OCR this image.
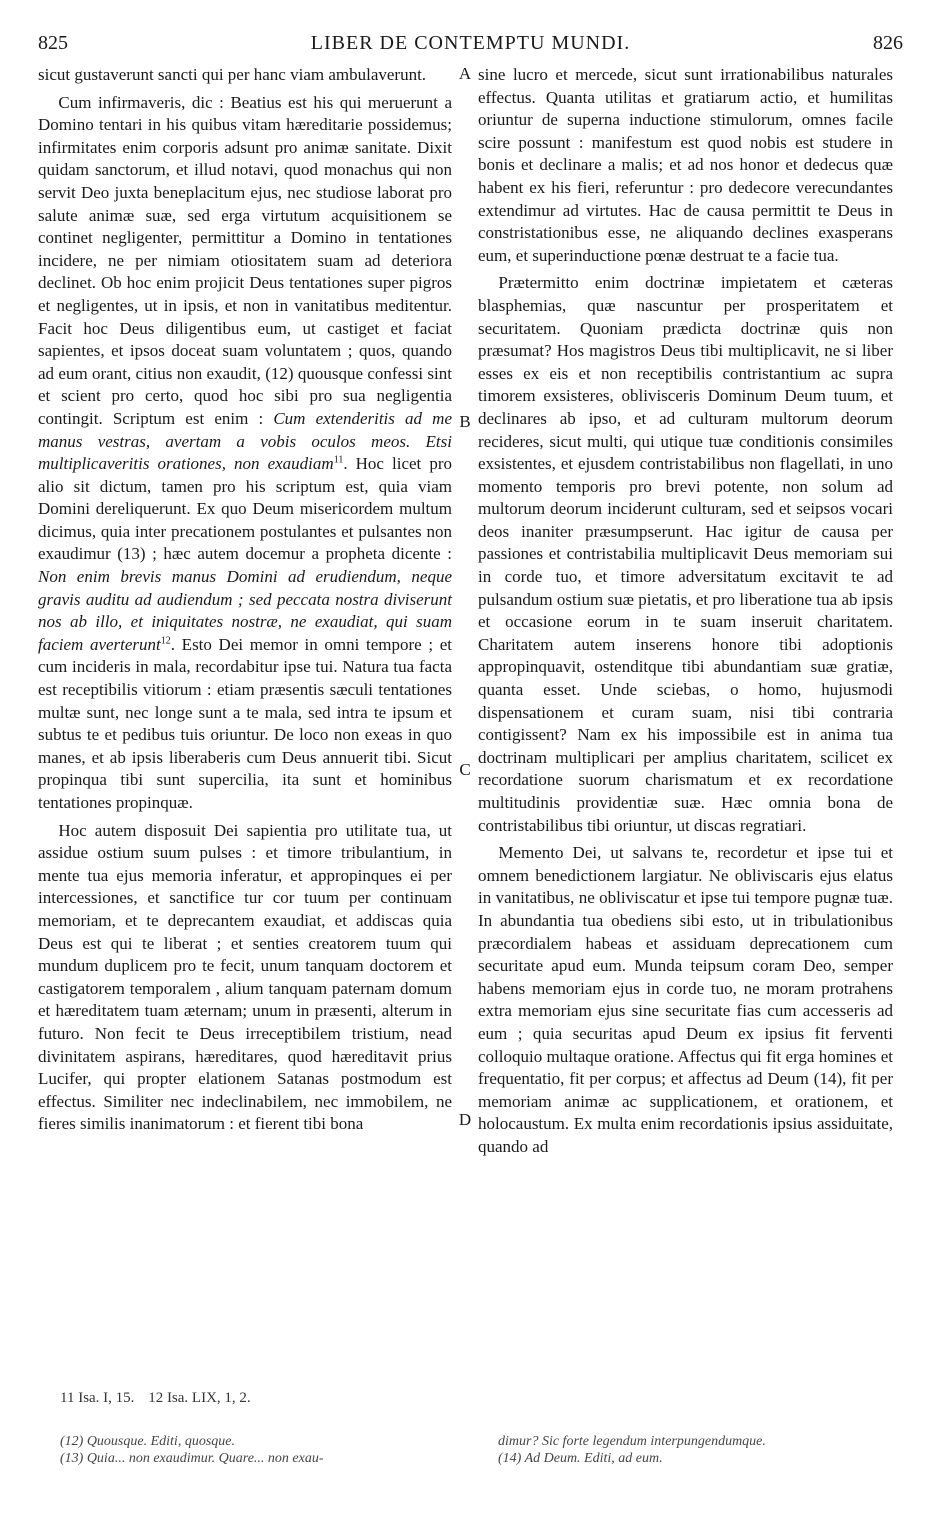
825	LIBER DE CONTEMPTU MUNDI.	826

sicut gustaverunt sancti qui per hanc viam ambulaverunt.

Cum infirmaveris, dic : Beatius est his qui meruerunt a Domino tentari in his quibus vitam hæreditarie possidemus; infirmitates enim corporis adsunt pro animæ sanitate. Dixit quidam sanctorum, et illud notavi, quod monachus qui non servit Deo juxta beneplacitum ejus, nec studiose laborat pro salute animæ suæ, sed erga virtutum acquisitionem se continet negligenter, permittitur a Domino in tentationes incidere, ne per nimiam otiositatem suam ad deteriora declinet. Ob hoc enim projicit Deus tentationes super pigros et negligentes, ut in ipsis, et non in vanitatibus meditentur. Facit hoc Deus diligentibus eum, ut castiget et faciat sapientes, et ipsos doceat suam voluntatem ; quos, quando ad eum orant, citius non exaudit, (12) quousque confessi sint et scient pro certo, quod hoc sibi pro sua negligentia contingit. Scriptum est enim : Cum extenderitis ad me manus vestras, avertam a vobis oculos meos. Etsi multiplicaveritis orationes, non exaudiam$^{11}$. Hoc licet pro alio sit dictum, tamen pro his scriptum est, quia viam Domini dereliquerunt. Ex quo Deum misericordem multum dicimus, quia inter precationem postulantes et pulsantes non exaudimur (13) ; hæc autem docemur a propheta dicente : Non enim brevis manus Domini ad erudiendum, neque gravis auditu ad audiendum ; sed peccata nostra diviserunt nos ab illo, et iniquitates nostræ, ne exaudiat, qui suam faciem averterunt$^{12}$. Esto Dei memor in omni tempore ; et cum incideris in mala, recordabitur ipse tui. Natura tua facta est receptibilis vitiorum : etiam præsentis sæculi tentationes multæ sunt, nec longe sunt a te mala, sed intra te ipsum et subtus te et pedibus tuis oriuntur. De loco non exeas in quo manes, et ab ipsis liberaberis cum Deus annuerit tibi. Sicut propinqua tibi sunt supercilia, ita sunt et hominibus tentationes propinquæ.

Hoc autem disposuit Dei sapientia pro utilitate tua, ut assidue ostium suum pulses : et timore tribulantium, in mente tua ejus memoria inferatur, et appropinques ei per intercessiones, et sanctifice tur cor tuum per continuam memoriam, et te deprecantem exaudiat, et addiscas quia Deus est qui te liberat ; et senties creatorem tuum qui mundum duplicem pro te fecit, unum tanquam doctorem et castigatorem temporalem , alium tanquam paternam domum et hæreditatem tuam æternam; unum in præsenti, alterum in futuro. Non fecit te Deus irreceptibilem tristium, nead divinitatem aspirans, hæreditares, quod hæreditavit prius Lucifer, qui propter elationem Satanas postmodum est effectus. Similiter nec indeclinabilem, nec immobilem, ne fieres similis inanimatorum : et fierent tibi bona

A
B
C
D

sine lucro et mercede, sicut sunt irrationabilibus naturales effectus. Quanta utilitas et gratiarum actio, et humilitas oriuntur de superna inductione stimulorum, omnes facile scire possunt : manifestum est quod nobis est studere in bonis et declinare a malis; et ad nos honor et dedecus quæ habent ex his fieri, referuntur : pro dedecore verecundantes extendimur ad virtutes. Hac de causa permittit te Deus in constristationibus esse, ne aliquando declines exasperans eum, et superinductione pœnæ destruat te a facie tua.

Prætermitto enim doctrinæ impietatem et cæteras blasphemias, quæ nascuntur per prosperitatem et securitatem. Quoniam prædicta doctrinæ quis non præsumat? Hos magistros Deus tibi multiplicavit, ne si liber esses ex eis et non receptibilis contristantium ac supra timorem exsisteres, oblivisceris Dominum Deum tuum, et declinares ab ipso, et ad culturam multorum deorum recideres, sicut multi, qui utique tuæ conditionis consimiles exsistentes, et ejusdem contristabilibus non flagellati, in uno momento temporis pro brevi potente, non solum ad multorum deorum inciderunt culturam, sed et seipsos vocari deos inaniter præsumpserunt. Hac igitur de causa per passiones et contristabilia multiplicavit Deus memoriam sui in corde tuo, et timore adversitatum excitavit te ad pulsandum ostium suæ pietatis, et pro liberatione tua ab ipsis et occasione eorum in te suam inseruit charitatem. Charitatem autem inserens honore tibi adoptionis appropinquavit, ostenditque tibi abundantiam suæ gratiæ, quanta esset. Unde sciebas, o homo, hujusmodi dispensationem et curam suam, nisi tibi contraria contigissent? Nam ex his impossibile est in anima tua doctrinam multiplicari per amplius charitatem, scilicet ex recordatione suorum charismatum et ex recordatione multitudinis providentiæ suæ. Hæc omnia bona de contristabilibus tibi oriuntur, ut discas regratiari.

Memento Dei, ut salvans te, recordetur et ipse tui et omnem benedictionem largiatur. Ne obliviscaris ejus elatus in vanitatibus, ne obliviscatur et ipse tui tempore pugnæ tuæ. In abundantia tua obediens sibi esto, ut in tribulationibus præcordialem habeas et assiduam deprecationem cum securitate apud eum. Munda teipsum coram Deo, semper habens memoriam ejus in corde tuo, ne moram protrahens extra memoriam ejus sine securitate fias cum accesseris ad eum ; quia securitas apud Deum ex ipsius fit ferventi colloquio multaque oratione. Affectus qui fit erga homines et frequentatio, fit per corpus; et affectus ad Deum (14), fit per memoriam animæ ac supplicationem, et orationem, et holocaustum. Ex multa enim recordationis ipsius assiduitate, quando ad

11 Isa. I, 15. 12 Isa. LIX, 1, 2.
(12) Quousque. Editi, quosque.
(13) Quia... non exaudimur. Quare... non exau-
dimur? Sic forte legendum interpungendumque.
(14) Ad Deum. Editi, ad eum.
